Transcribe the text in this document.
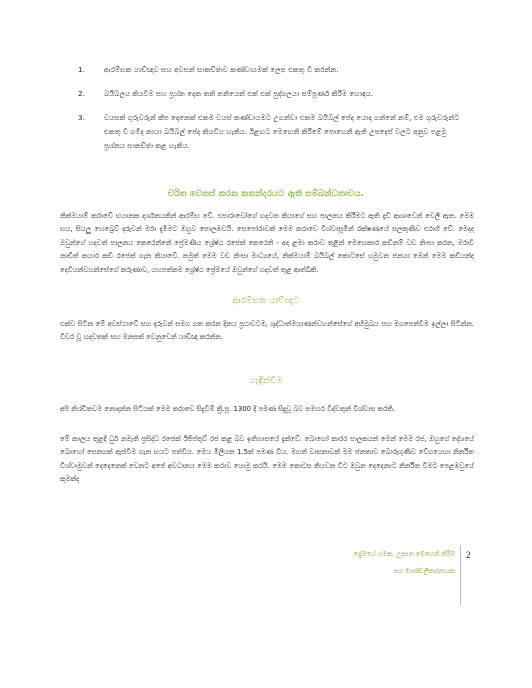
1.	ආරම්භක යාච්ඥාව සහ අවසන් සාකච්ඡාව කණ්ඩායමක් ලෙස එකතු වී කරන්න.
2.	බයිබලය කියවීම සහ ප්‍රශ්න දෙක තනි තනියෙන් එක් එක් පුද්ගලයා සම්පූර්ණ කිරීම හොඳය.
3.	වයසක් ගුරුවරුන් කීප දෙනෙක් එකම වයස් කණ්ඩායමට උගන්වා එකම බයිබල් පේද යොදා ගන්නේ නම්, එම ගුරුවරුන්ට එකතු වී ගමිද නායා බයිබල් පේද කියවිය හැකිය. ඊළඟට මෙහෙනි කිරීමේ පොහෙනි ඇති උපදෙස් වලට අනුව පළමු ප්‍රශ්නය සාකච්ඡා කළ හැකිය.
චරිත වෙනස් කරන කතන්දරයට ඇති සම්බන්ධතාවය.

නික්මයාම් කරාවේ භයානක දර්ශනයකින් ආරම්භ වේ. එපාරාවෝගේ හදවත කියාගේ සහ පාලනය කිරීමට ඇති දැඩි ආශාවෙන් වෙලී ඇත. මෙම භය, සියලු හෙබ්‍රෙව් දරුවන් මරා දැමීමට ඔහුව පොලඹවයි. සෙපෝරාවක් මෙම කරාවෙ විශ්වාසූමින් රක්ෂණයේ සලකුණීව එරාගි වේ. මෙදද ඔවුන්ගේ හදවත් පාලනය කෙරෙන්නේ ප්‍රේමණීය ශ්‍රේෂ්ඨ රජෙක් කෙරෙනි - අද ළමා කරාව තුළින් මෙහෙකාර කඩිනම් වඩ නිංසා කරන, මරාවී නාඩිත් කයාර කඩී රජෙක් ගැන කියාවේ. නමුත් මෙම වඩ නිංසා මාධ්‍යයේ, නික්මයාම් බයිබල් කොටසේ හමුවන ජනයා මෙන් මෙම කඩියන්ද දෙවියන්වහන්සේගේ කරුණාව, යහපත්කම ශ්‍රේෂ්ඨ ප්‍රේමයේ ඔවුන්ගේ හදවත් තුළ ආත්ඛිකි.

ආරම්භක යාච්ඥාව

එක්ව සිටින මේ අවස්ථාවේ සහ දරුවන් සමග ගත කරන දිනය ප්‍රථාවටම, ශුද්ධාත්මයාණන්වහන්සේගේ අභිමුඛය සහ මගපෙන්වීම ඉල්ලා සිටින්න. විවර වූ හදවතක් සහ මනසක් වෙනුවෙන් යාච්ඥා කරන්න.

හැඳින්වීම

අපි නිශ්චිතවම නොදන්න සිටියක් මෙම කරාවෙ සිදුවීම් ක්‍රි.පූ. 1300 දී පමණ සිදුවූ බව සමහර විද්වතුන් විශ්වාස කරති.

මේ කාලය තුළදී ධුර් නමැති ප්‍රසිද්ධ රජෙක් ඊජිප්තුව් රජ කළ බව ඉතිහාසයේ දැක්වේ. බොහෝ කාරර පාලකයන් මෙන් මෙම රජ, ඔහුගේ දේශයේ බොහෝ සෙනගක් ඇස්විම ගැන භයට පත්විය. මෙය මිලියන 1.5ක් පමණ විය. මහත් වාසනාවක් මම ජනතාව බොරුගුණිව වේගයෙහා නිර්නිත විශ්වාමුවන් දෙදෙනෙක් වෙනට අපේ අවධානය මෙම කරාව යොමු කරයි. මෙම කොටස කියවන විට ඔවුන දෙදෙනාට නිර්නිත විමට පෙළඹවුයේ කුමක්ද

ප්‍රේමයේ ගමන: උදාසන මෙහෙනි කිරීම
සහ මාණ්ඩලිකා/නායක
2
